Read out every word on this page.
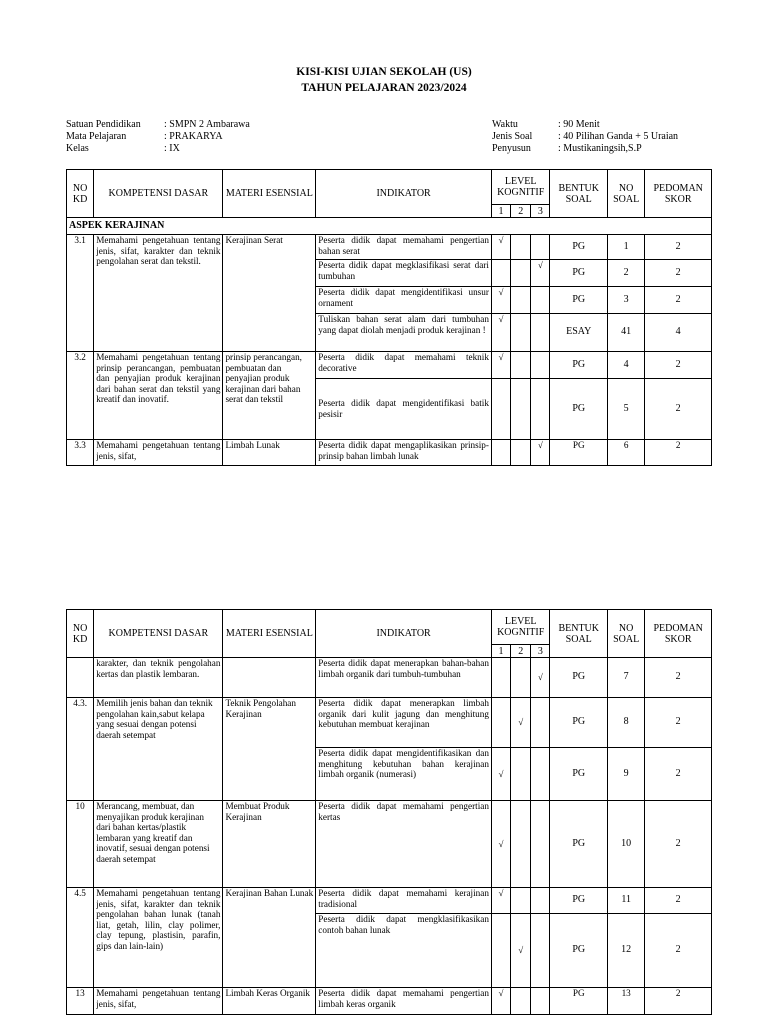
KISI-KISI UJIAN SEKOLAH (US)
TAHUN PELAJARAN 2023/2024
Satuan Pendidikan : SMPN 2 Ambarawa
Mata Pelajaran	: PRAKARYA
Kelas	: IX
Waktu	: 90 Menit
Jenis Soal	: 40 Pilihan Ganda + 5 Uraian
Penyusun	: Mustikaningsih,S.P
NO KD	KOMPETENSI DASAR	MATERI ESENSIAL	INDIKATOR	LEVEL KOGNITIF			BENTUK SOAL	NO SOAL	PEDOMAN SKOR
				1	2	3			
ASPEK KERAJINAN									
3.1	Memahami pengetahuan tentang jenis, sifat, karakter dan teknik pengolahan serat dan tekstil.	Kerajinan Serat	Peserta didik dapat memahami pengertian bahan serat	√			PG	1	2
			Peserta didik dapat megklasifikasi serat dari tumbuhan			√	PG	2	2
			Peserta didik dapat mengidentifikasi unsur ornament	√			PG	3	2
			Tuliskan bahan serat alam dari tumbuhan yang dapat diolah menjadi produk kerajinan !	√			ESAY	41	4
3.2	Memahami pengetahuan tentang prinsip perancangan, pembuatan dan penyajian produk kerajinan dari bahan serat dan tekstil yang kreatif dan inovatif.	prinsip perancangan, pembuatan dan penyajian produk kerajinan dari bahan serat dan tekstil	Peserta didik dapat memahami teknik decorative	√			PG	4	2
			Peserta didik dapat mengidentifikasi batik pesisir				PG	5	2
3.3	Memahami pengetahuan tentang jenis, sifat,	Limbah Lunak	Peserta didik dapat mengaplikasikan prinsip-prinsip bahan limbah lunak			√	PG	6	2
NO KD	KOMPETENSI DASAR	MATERI ESENSIAL	INDIKATOR	LEVEL KOGNITIF			BENTUK SOAL	NO SOAL	PEDOMAN SKOR
				1	2	3			
	karakter, dan teknik pengolahan kertas dan plastik lembaran.		Peserta didik dapat menerapkan bahan-bahan limbah organik dari tumbuh-tumbuhan			√	PG	7	2
4.3.	Memilih jenis bahan dan teknik pengolahan kain,sabut kelapa yang sesuai dengan potensi daerah setempat	Teknik Pengolahan Kerajinan	Peserta didik dapat menerapkan limbah organik dari kulit jagung dan menghitung kebutuhan membuat kerajinan		√		PG	8	2
			Peserta didik dapat mengidentifikasikan dan menghitung kebutuhan bahan kerajinan limbah organik (numerasi)	√			PG	9	2
10	Merancang, membuat, dan menyajikan produk kerajinan dari bahan kertas/plastik lembaran yang kreatif dan inovatif, sesuai dengan potensi daerah setempat	Membuat Produk Kerajinan	Peserta didik dapat memahami pengertian kertas	√			PG	10	2
4.5	Memahami pengetahuan tentang jenis, sifat, karakter dan teknik pengolahan bahan lunak (tanah liat, getah, lilin, clay polimer, clay tepung, plastisin, parafin, gips dan lain-lain)	Kerajinan Bahan Lunak	Peserta didik dapat memahami kerajinan tradisional	√			PG	11	2
			Peserta didik dapat mengklasifikasikan contoh bahan lunak		√		PG	12	2
13	Memahami pengetahuan tentang jenis, sifat,	Limbah Keras Organik	Peserta didik dapat memahami pengertian limbah keras organik	√			PG	13	2
